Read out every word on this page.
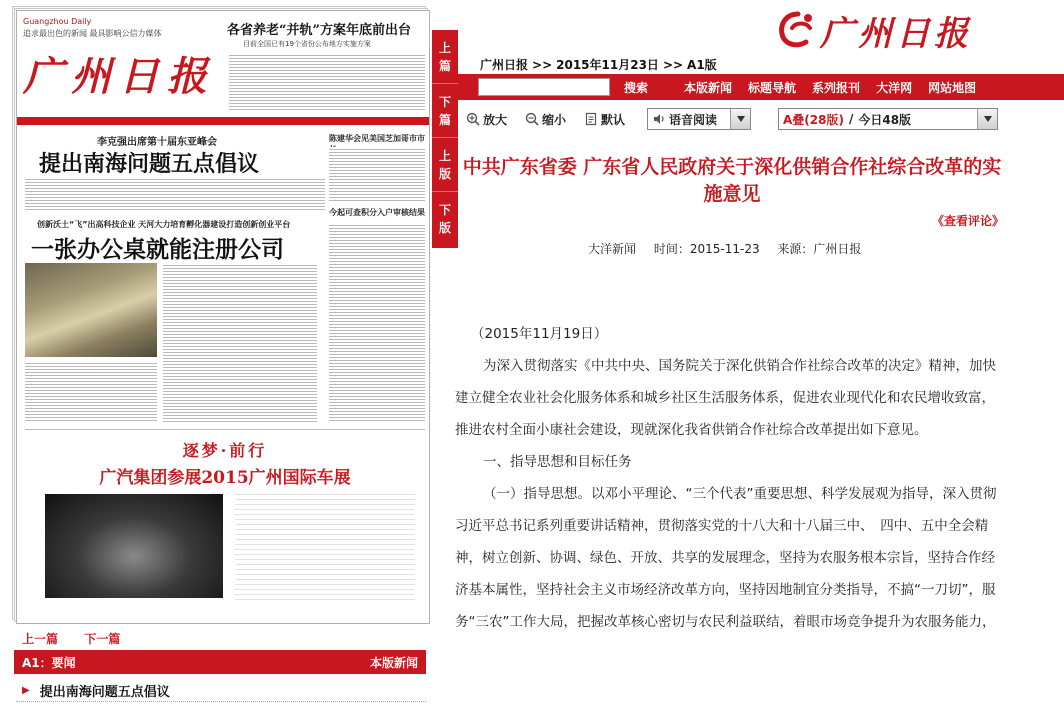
Guangzhou Daily
追求最出色的新闻 最具影响公信力媒体
广州日报
各省养老“并轨”方案年底前出台
目前全国已有19个省份公布地方实施方案
李克强出席第十届东亚峰会
提出南海问题五点倡议
创新沃土“飞”出高科技企业 天河大力培育孵化器建设打造创新创业平台
一张办公桌就能注册公司
陈建华会见美国芝加哥市市
今起可查积分入户审核结果
逐梦·前行
广汽集团参展2015广州国际车展
上篇
下篇
上版
下版
广州日报
广州日报 >> 2015年11月23日 >> A1版
搜索	本版新闻 标题导航 系列报刊 大洋网 网站地图
放大	缩小	默认	语音阅读	A叠 (28版) / 今日48版
中共广东省委 广东省人民政府关于深化供销合作社综合改革的实施意见
《查看评论》
大洋新闻 时间：2015-11-23 来源：广州日报

（2015年11月19日）

为深入贯彻落实《中共中央、国务院关于深化供销合作社综合改革的决定》精神，加快建立健全农业社会化服务体系和城乡社区生活服务体系，促进农业现代化和农民增收致富，推进农村全面小康社会建设，现就深化我省供销合作社综合改革提出如下意见。

一、指导思想和目标任务

（一）指导思想。以邓小平理论、“三个代表”重要思想、科学发展观为指导，深入贯彻习近平总书记系列重要讲话精神，贯彻落实党的十八大和十八届三中、　四中、五中全会精神，树立创新、协调、绿色、开放、共享的发展理念，坚持为农服务根本宗旨，坚持合作经济基本属性，坚持社会主义市场经济改革方向，坚持因地制宜分类指导，不搞“一刀切”，服务“三农”工作大局，把握改革核心密切与农民利益联结，着眼市场竞争提升为农服务能力，

上一篇 下一篇
A1：要闻	本版新闻
▶ 提出南海问题五点倡议
